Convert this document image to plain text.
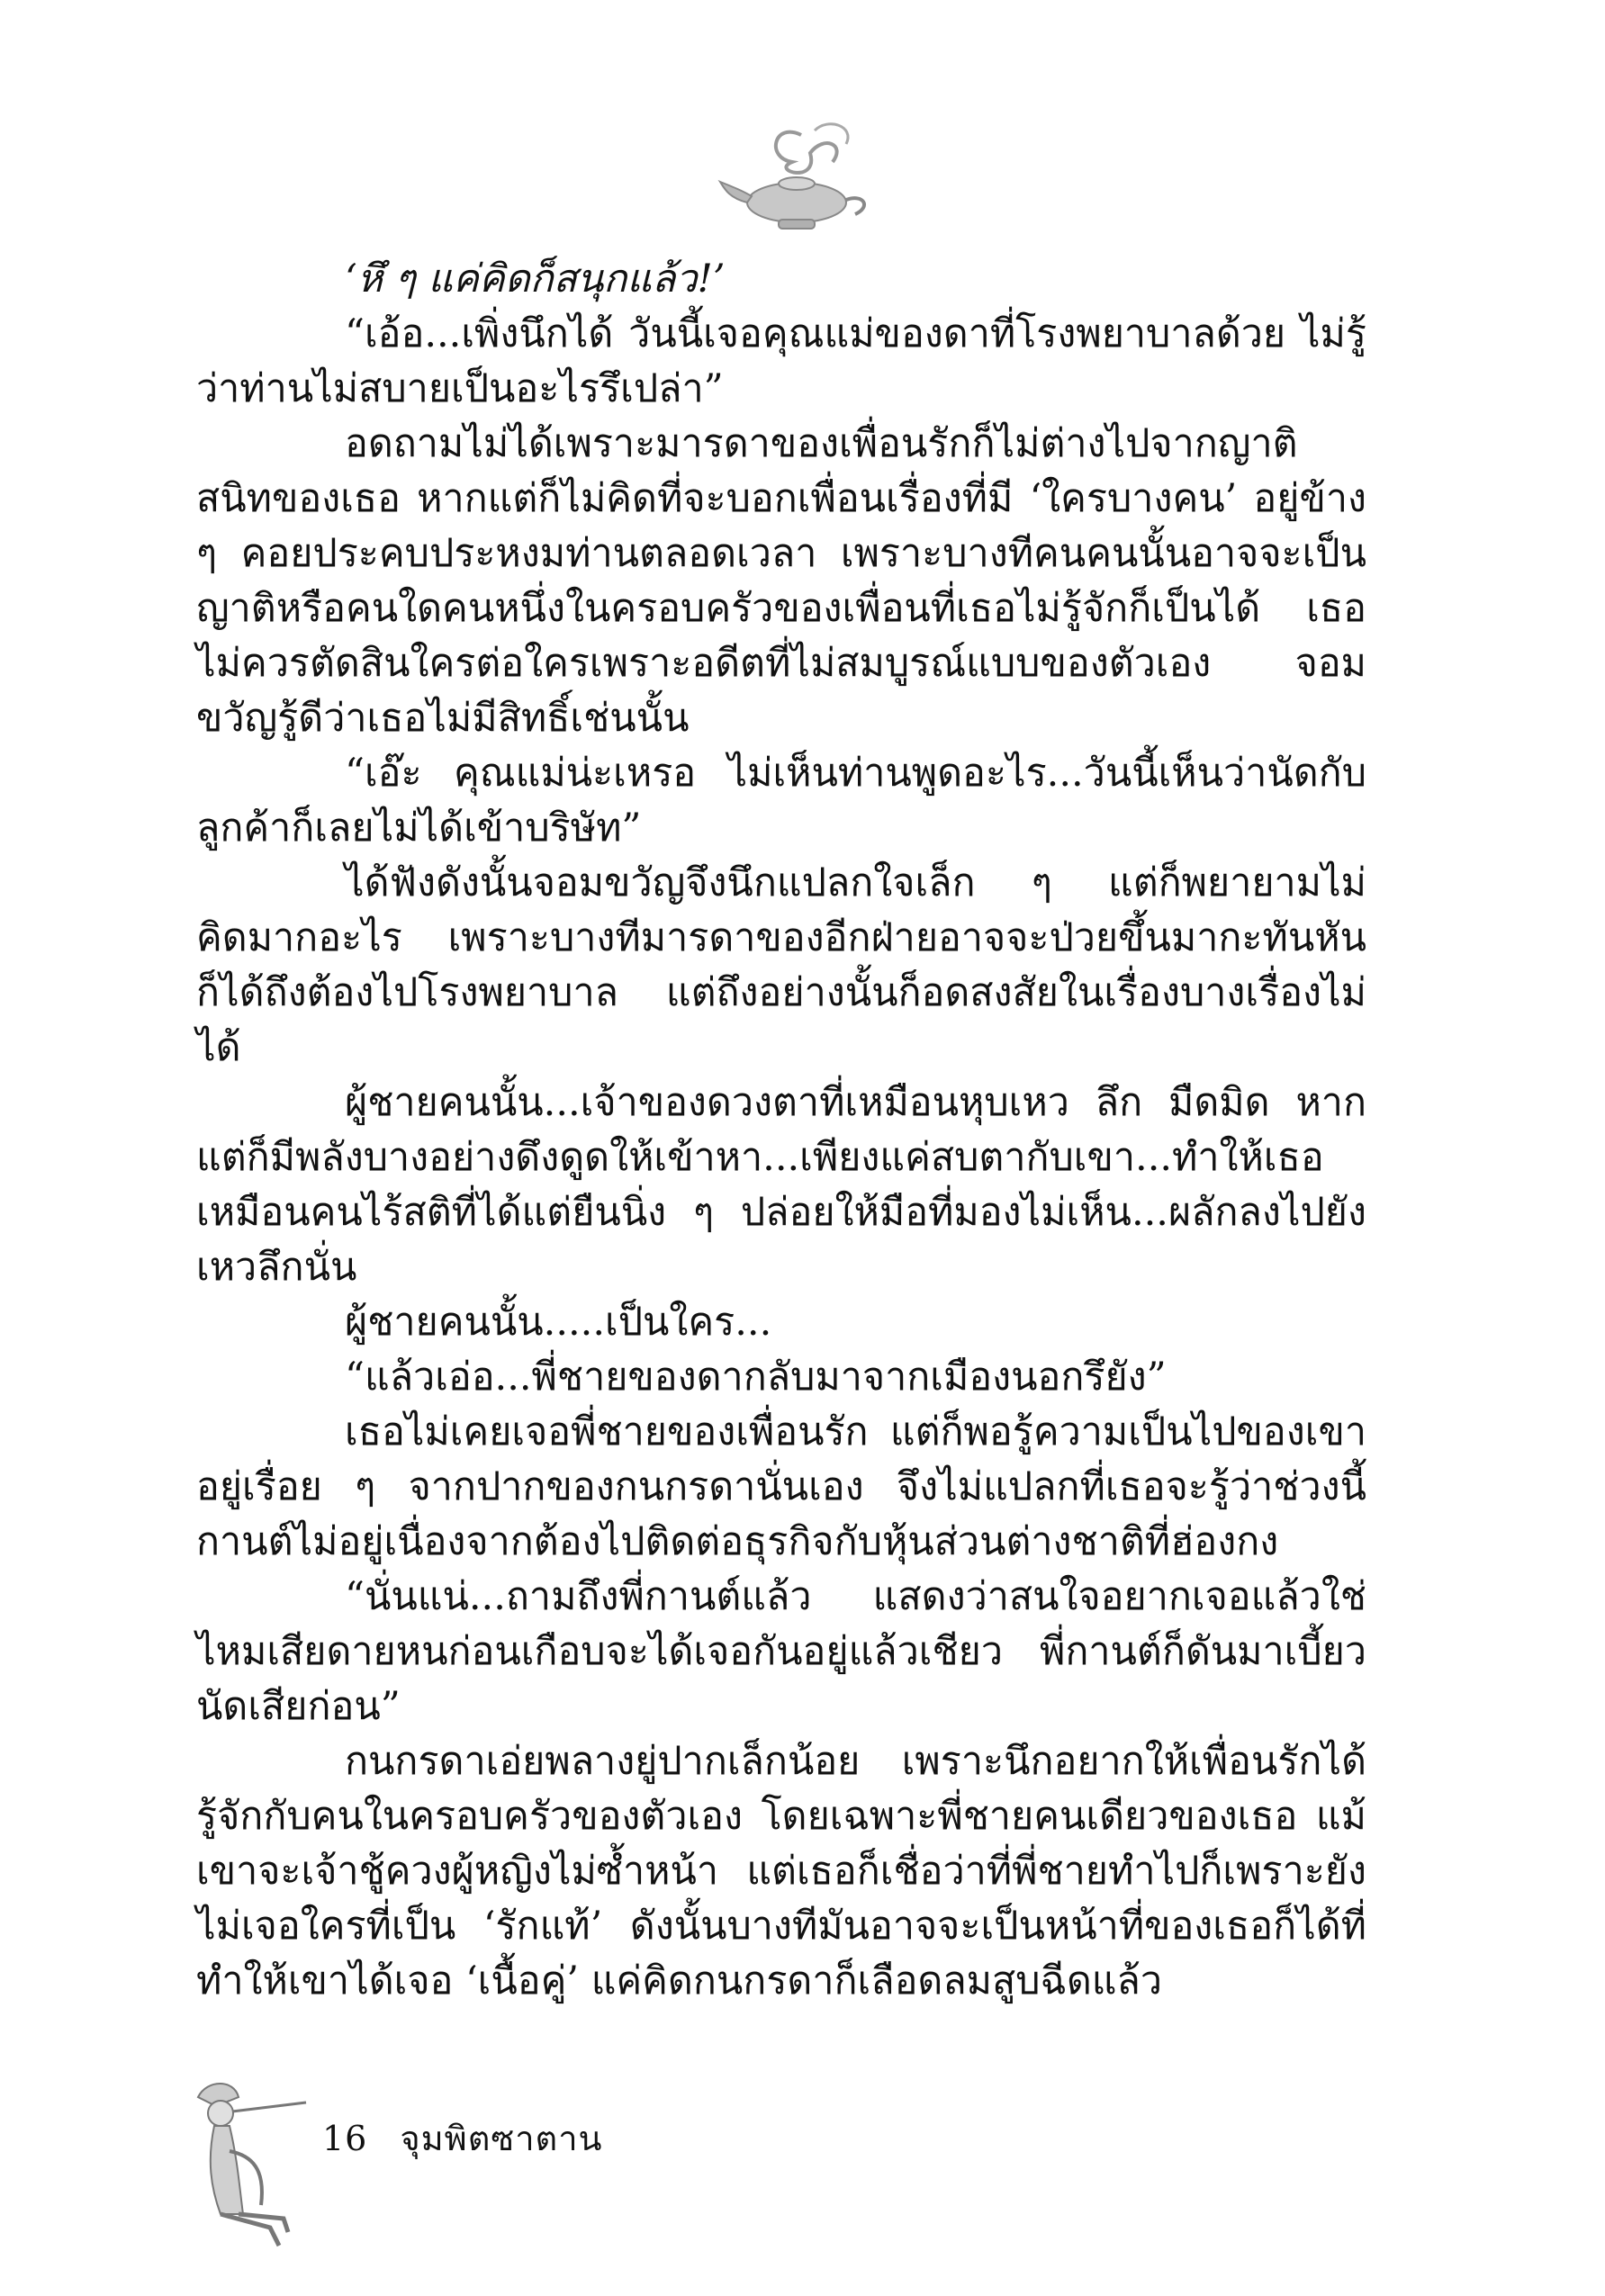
‘หึ ๆ แค่คิดก็สนุกแล้ว!’

“เอ้อ...เพิ่งนึกได้ วันนี้เจอคุณแม่ของดาที่โรงพยาบาลด้วย ไม่รู้ว่าท่านไม่สบายเป็นอะไรรึเปล่า”

อดถามไม่ได้เพราะมารดาของเพื่อนรักก็ไม่ต่างไปจากญาติสนิทของเธอ หากแต่ก็ไม่คิดที่จะบอกเพื่อนเรื่องที่มี ‘ใครบางคน’ อยู่ข้าง ๆ คอยประคบประหงมท่านตลอดเวลา เพราะบางทีคนคนนั้นอาจจะเป็นญาติหรือคนใดคนหนึ่งในครอบครัวของเพื่อนที่เธอไม่รู้จักก็เป็นได้ เธอไม่ควรตัดสินใครต่อใครเพราะอดีตที่ไม่สมบูรณ์แบบของตัวเอง จอมขวัญรู้ดีว่าเธอไม่มีสิทธิ์เช่นนั้น

“เอ๊ะ คุณแม่น่ะเหรอ ไม่เห็นท่านพูดอะไร...วันนี้เห็นว่านัดกับลูกค้าก็เลยไม่ได้เข้าบริษัท”

ได้ฟังดังนั้นจอมขวัญจึงนึกแปลกใจเล็ก ๆ แต่ก็พยายามไม่คิดมากอะไร เพราะบางทีมารดาของอีกฝ่ายอาจจะป่วยขึ้นมากะทันหันก็ได้ถึงต้องไปโรงพยาบาล แต่ถึงอย่างนั้นก็อดสงสัยในเรื่องบางเรื่องไม่ได้

ผู้ชายคนนั้น...เจ้าของดวงตาที่เหมือนหุบเหว ลึก มืดมิด หากแต่ก็มีพลังบางอย่างดึงดูดให้เข้าหา...เพียงแค่สบตากับเขา...ทำให้เธอเหมือนคนไร้สติที่ได้แต่ยืนนิ่ง ๆ ปล่อยให้มือที่มองไม่เห็น...ผลักลงไปยังเหวลึกนั่น

ผู้ชายคนนั้น.....เป็นใคร...

“แล้วเอ่อ...พี่ชายของดากลับมาจากเมืองนอกรึยัง”

เธอไม่เคยเจอพี่ชายของเพื่อนรัก แต่ก็พอรู้ความเป็นไปของเขาอยู่เรื่อย ๆ จากปากของกนกรดานั่นเอง จึงไม่แปลกที่เธอจะรู้ว่าช่วงนี้กานต์ไม่อยู่เนื่องจากต้องไปติดต่อธุรกิจกับหุ้นส่วนต่างชาติที่ฮ่องกง

“นั่นแน่...ถามถึงพี่กานต์แล้ว แสดงว่าสนใจอยากเจอแล้วใช่ไหมเสียดายหนก่อนเกือบจะได้เจอกันอยู่แล้วเชียว พี่กานต์ก็ดันมาเบี้ยวนัดเสียก่อน”

กนกรดาเอ่ยพลางยู่ปากเล็กน้อย เพราะนึกอยากให้เพื่อนรักได้รู้จักกับคนในครอบครัวของตัวเอง โดยเฉพาะพี่ชายคนเดียวของเธอ แม้เขาจะเจ้าชู้ควงผู้หญิงไม่ซ้ำหน้า แต่เธอก็เชื่อว่าที่พี่ชายทำไปก็เพราะยังไม่เจอใครที่เป็น ‘รักแท้’ ดังนั้นบางทีมันอาจจะเป็นหน้าที่ของเธอก็ได้ที่ทำให้เขาได้เจอ ‘เนื้อคู่’ แค่คิดกนกรดาก็เลือดลมสูบฉีดแล้ว

16 จุมพิตซาตาน
